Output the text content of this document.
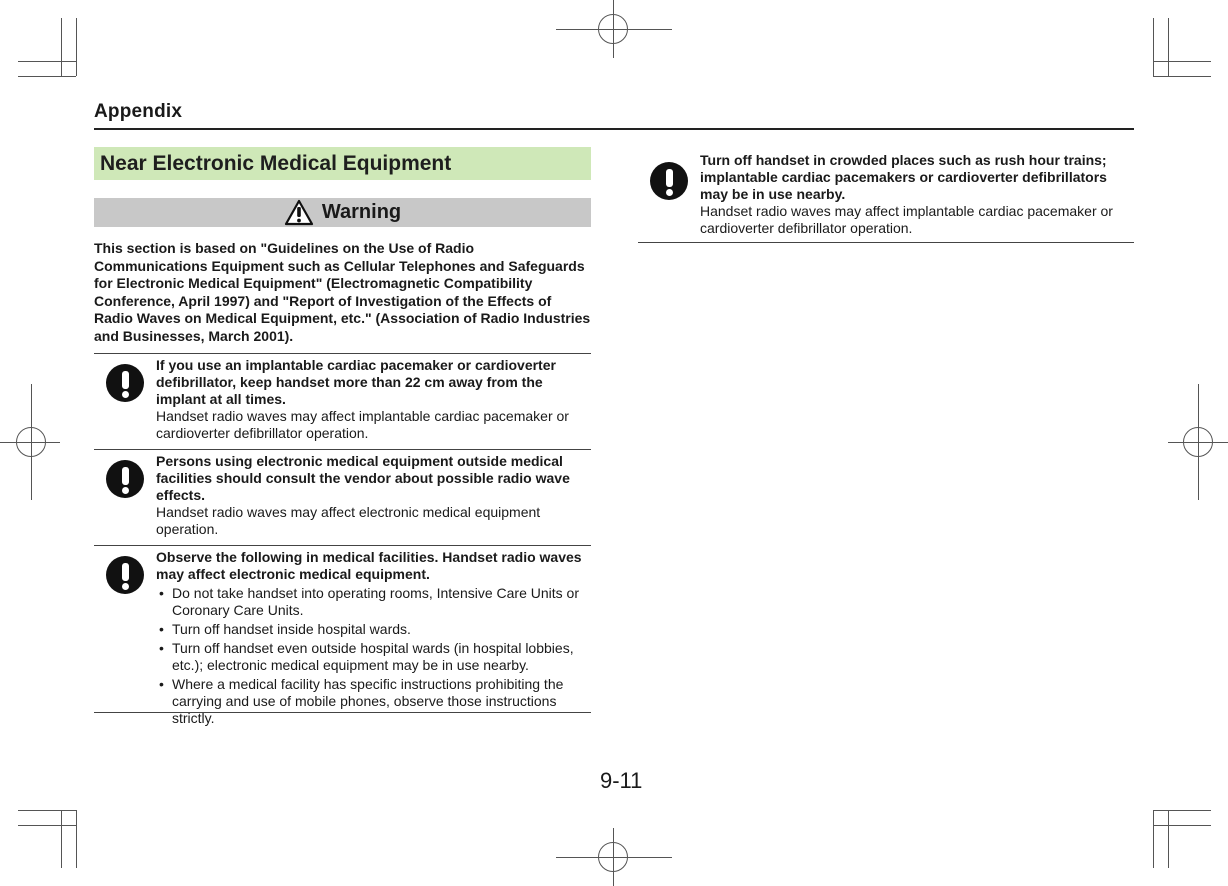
Appendix
Near Electronic Medical Equipment
Warning
This section is based on "Guidelines on the Use of Radio Communications Equipment such as Cellular Telephones and Safeguards for Electronic Medical Equipment" (Electromagnetic Compatibility Conference, April 1997) and "Report of Investigation of the Effects of Radio Waves on Medical Equipment, etc." (Association of Radio Industries and Businesses, March 2001).
If you use an implantable cardiac pacemaker or cardioverter defibrillator, keep handset more than 22 cm away from the implant at all times.
Handset radio waves may affect implantable cardiac pacemaker or cardioverter defibrillator operation.
Persons using electronic medical equipment outside medical facilities should consult the vendor about possible radio wave effects.
Handset radio waves may affect electronic medical equipment operation.
Observe the following in medical facilities. Handset radio waves may affect electronic medical equipment.
• Do not take handset into operating rooms, Intensive Care Units or Coronary Care Units.
• Turn off handset inside hospital wards.
• Turn off handset even outside hospital wards (in hospital lobbies, etc.); electronic medical equipment may be in use nearby.
• Where a medical facility has specific instructions prohibiting the carrying and use of mobile phones, observe those instructions strictly.
Turn off handset in crowded places such as rush hour trains; implantable cardiac pacemakers or cardioverter defibrillators may be in use nearby.
Handset radio waves may affect implantable cardiac pacemaker or cardioverter defibrillator operation.
9-11
